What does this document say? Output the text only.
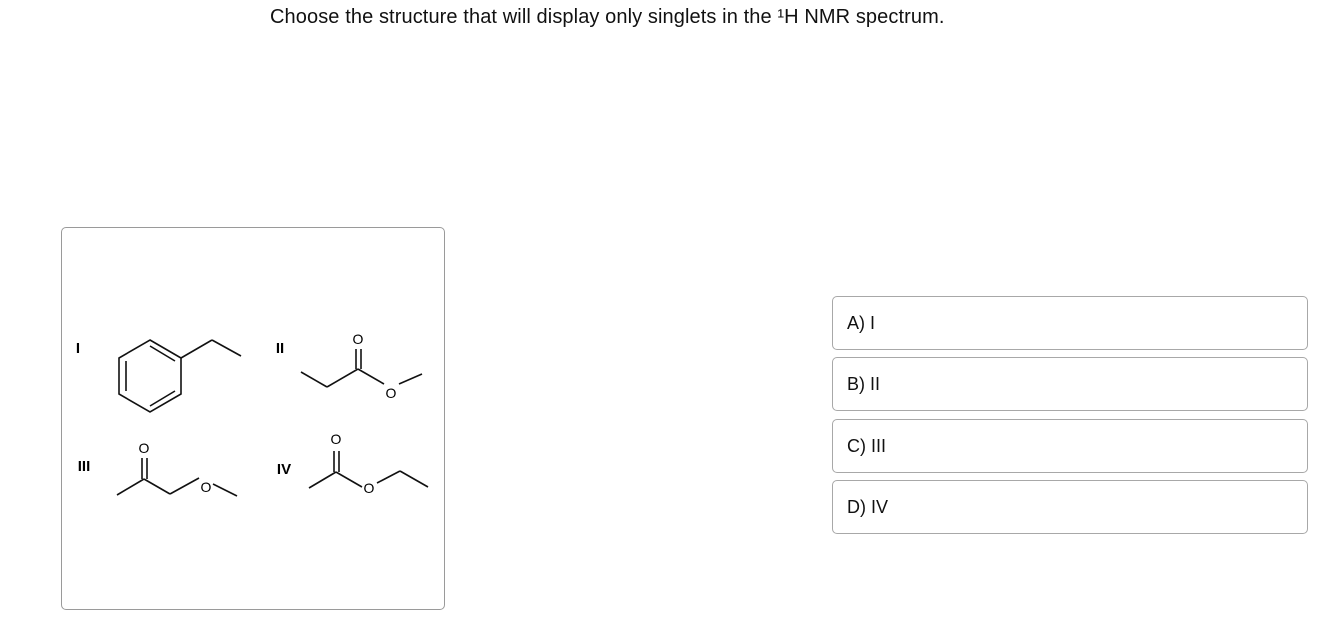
Choose the structure that will display only singlets in the ¹H NMR spectrum.
I	II
O
O
III
O
O
IV
O
O
A) I
B) II
C) III
D) IV
